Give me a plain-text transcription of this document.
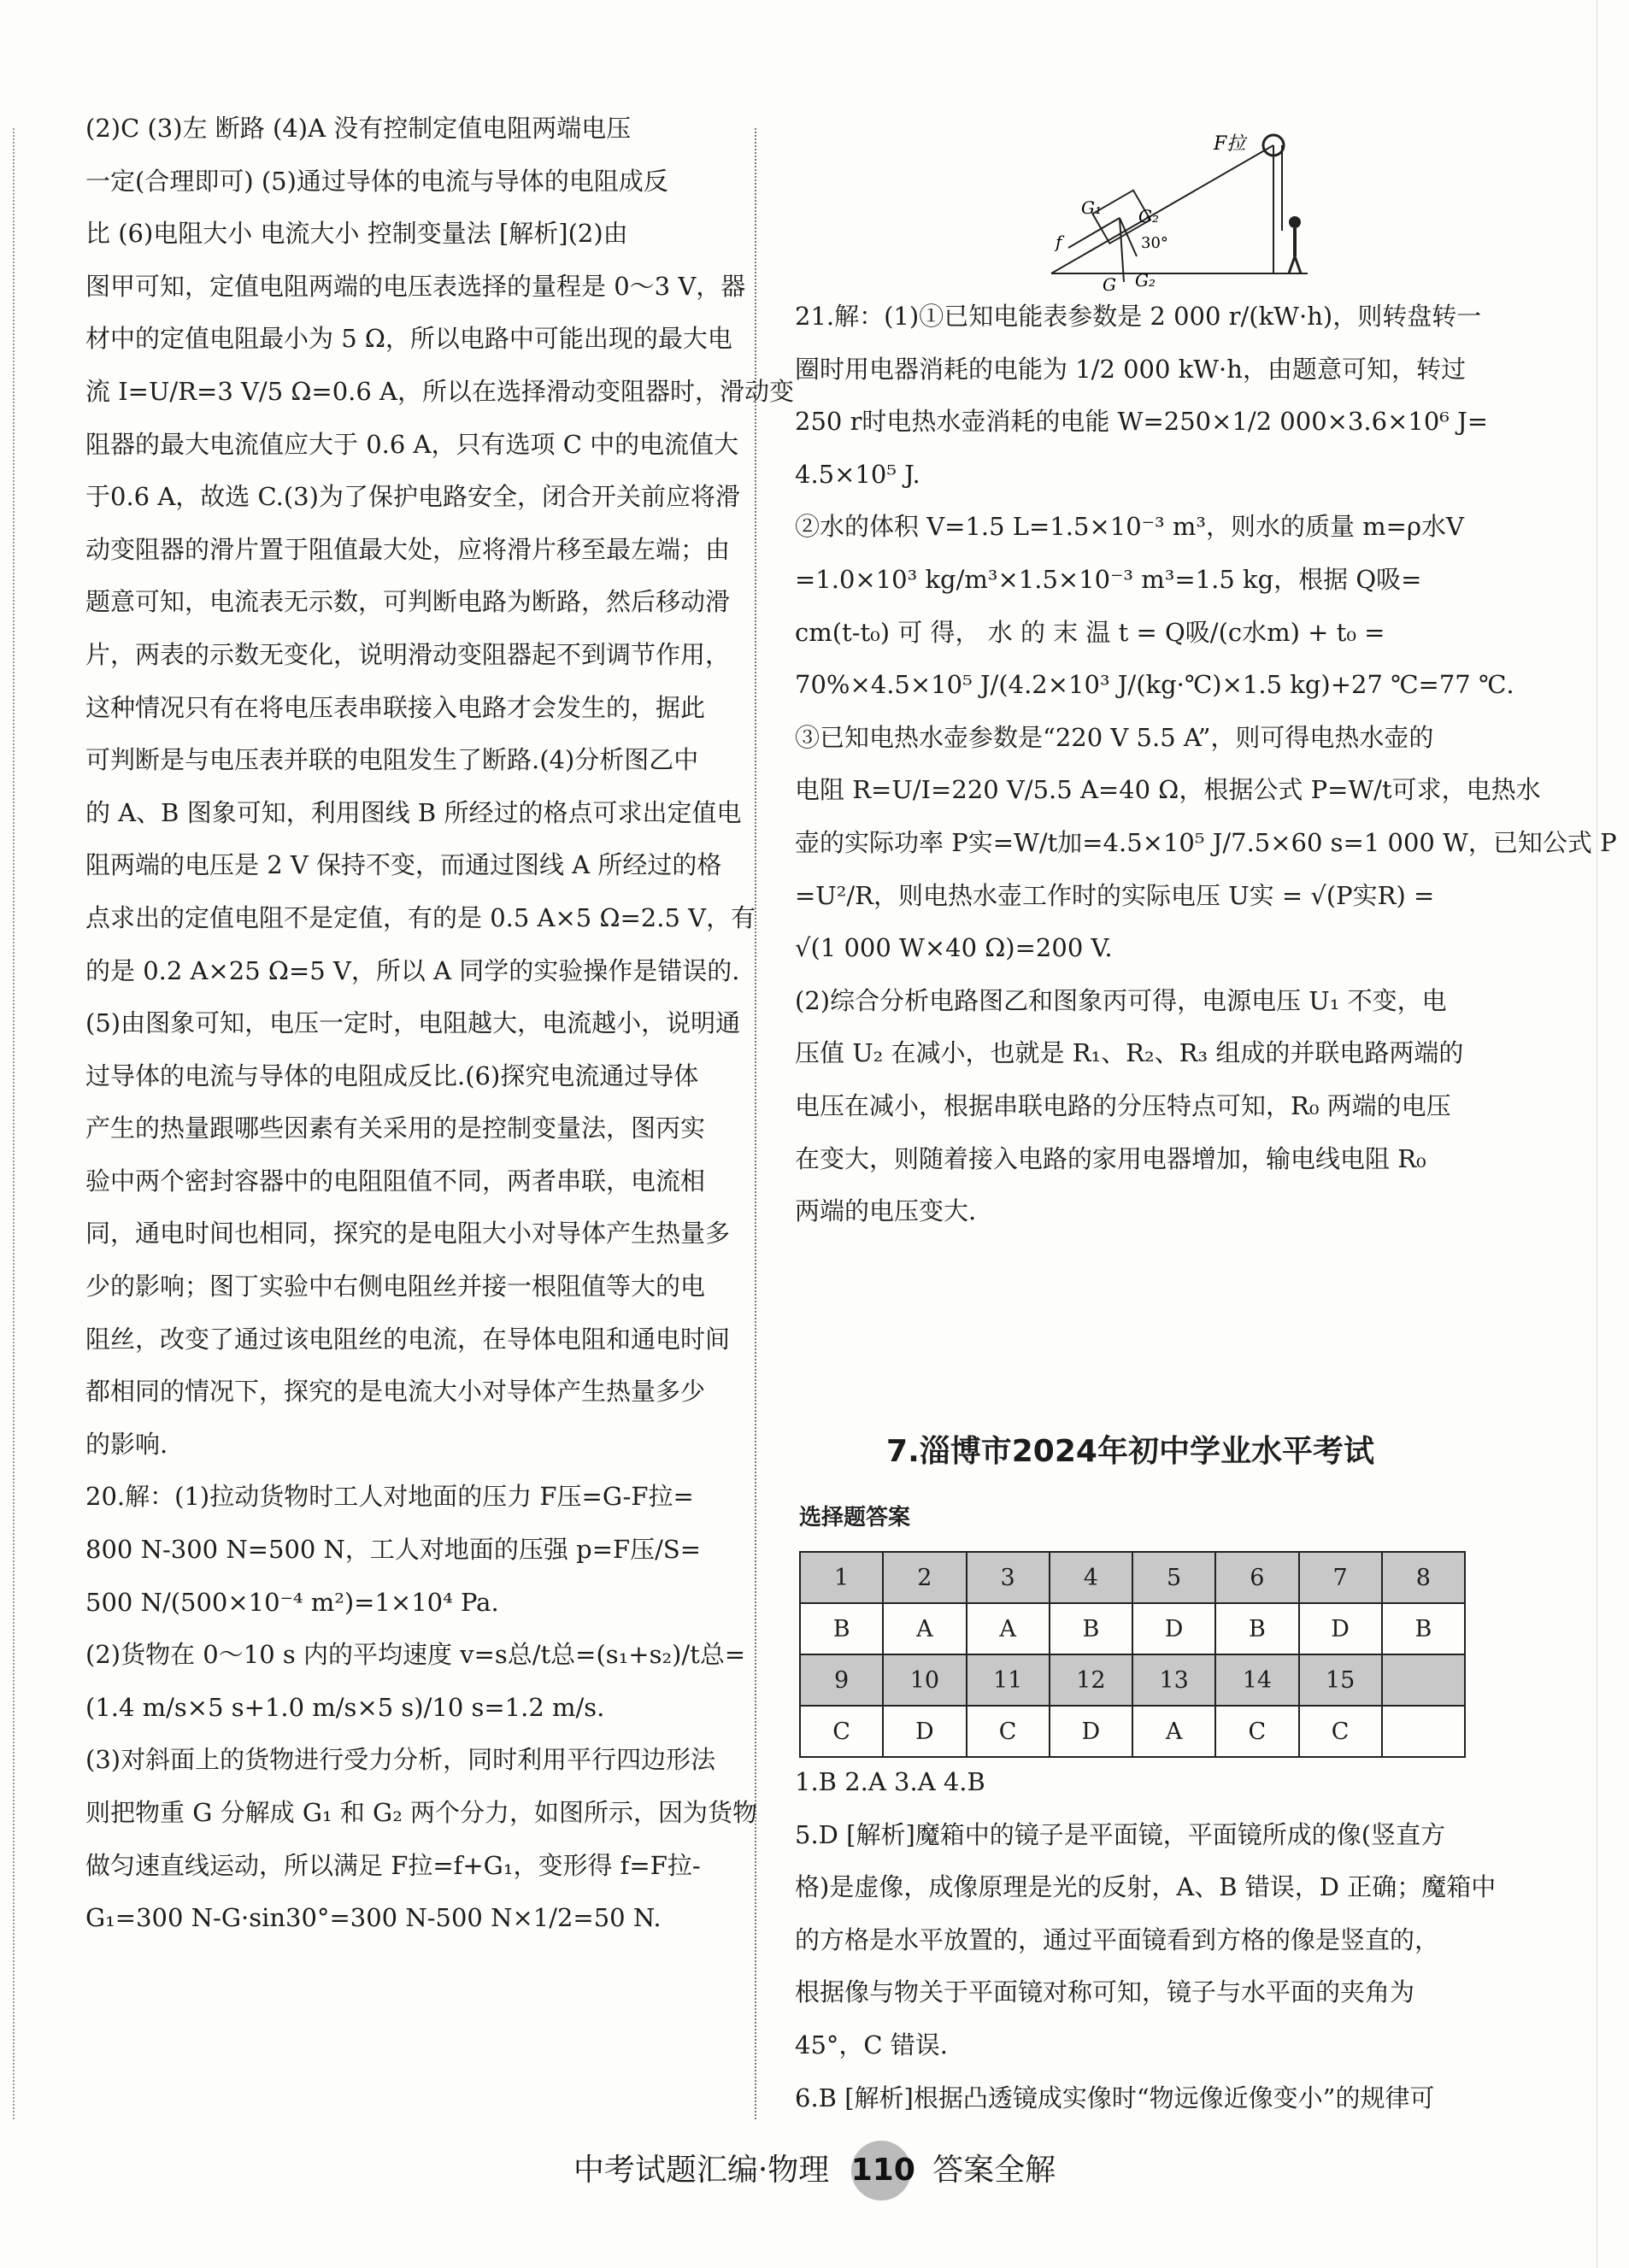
(2)C (3)左 断路 (4)A 没有控制定值电阻两端电压
一定(合理即可) (5)通过导体的电流与导体的电阻成反
比 (6)电阻大小 电流大小 控制变量法 [解析](2)由
图甲可知，定值电阻两端的电压表选择的量程是 0～3 V，器
材中的定值电阻最小为 5 Ω，所以电路中可能出现的最大电
流 I=U/R=3 V/5 Ω=0.6 A，所以在选择滑动变阻器时，滑动变
阻器的最大电流值应大于 0.6 A，只有选项 C 中的电流值大
于0.6 A，故选 C.(3)为了保护电路安全，闭合开关前应将滑
动变阻器的滑片置于阻值最大处，应将滑片移至最左端；由
题意可知，电流表无示数，可判断电路为断路，然后移动滑
片，两表的示数无变化，说明滑动变阻器起不到调节作用，
这种情况只有在将电压表串联接入电路才会发生的，据此
可判断是与电压表并联的电阻发生了断路.(4)分析图乙中
的 A、B 图象可知，利用图线 B 所经过的格点可求出定值电
阻两端的电压是 2 V 保持不变，而通过图线 A 所经过的格
点求出的定值电阻不是定值，有的是 0.5 A×5 Ω=2.5 V，有
的是 0.2 A×25 Ω=5 V，所以 A 同学的实验操作是错误的.
(5)由图象可知，电压一定时，电阻越大，电流越小，说明通
过导体的电流与导体的电阻成反比.(6)探究电流通过导体
产生的热量跟哪些因素有关采用的是控制变量法，图丙实
验中两个密封容器中的电阻阻值不同，两者串联，电流相
同，通电时间也相同，探究的是电阻大小对导体产生热量多
少的影响；图丁实验中右侧电阻丝并接一根阻值等大的电
阻丝，改变了通过该电阻丝的电流，在导体电阻和通电时间
都相同的情况下，探究的是电流大小对导体产生热量多少
的影响.
20.解：(1)拉动货物时工人对地面的压力 F压=G-F拉=
800 N-300 N=500 N，工人对地面的压强 p=F压/S=
500 N/(500×10⁻⁴ m²)=1×10⁴ Pa.
(2)货物在 0～10 s 内的平均速度 v=s总/t总=(s₁+s₂)/t总=
(1.4 m/s×5 s+1.0 m/s×5 s)/10 s=1.2 m/s.
(3)对斜面上的货物进行受力分析，同时利用平行四边形法
则把物重 G 分解成 G₁ 和 G₂ 两个分力，如图所示，因为货物
做匀速直线运动，所以满足 F拉=f+G₁，变形得 f=F拉-
G₁=300 N-G·sin30°=300 N-500 N×1/2=50 N.
F拉
G₁ G₂
30°
f
G G₂
21.解：(1)①已知电能表参数是 2 000 r/(kW·h)，则转盘转一
圈时用电器消耗的电能为 1/2 000 kW·h，由题意可知，转过
250 r时电热水壶消耗的电能 W=250×1/2 000×3.6×10⁶ J=
4.5×10⁵ J.
②水的体积 V=1.5 L=1.5×10⁻³ m³，则水的质量 m=ρ水V
=1.0×10³ kg/m³×1.5×10⁻³ m³=1.5 kg，根据 Q吸=
cm(t-t₀) 可 得， 水 的 末 温 t = Q吸/(c水m) + t₀ =
70%×4.5×10⁵ J/(4.2×10³ J/(kg·℃)×1.5 kg)+27 ℃=77 ℃.
③已知电热水壶参数是“220 V 5.5 A”，则可得电热水壶的
电阻 R=U/I=220 V/5.5 A=40 Ω，根据公式 P=W/t可求，电热水
壶的实际功率 P实=W/t加=4.5×10⁵ J/7.5×60 s=1 000 W，已知公式 P
=U²/R，则电热水壶工作时的实际电压 U实 = √(P实R) =
√(1 000 W×40 Ω)=200 V.
(2)综合分析电路图乙和图象丙可得，电源电压 U₁ 不变，电
压值 U₂ 在减小，也就是 R₁、R₂、R₃ 组成的并联电路两端的
电压在减小，根据串联电路的分压特点可知，R₀ 两端的电压
在变大，则随着接入电路的家用电器增加，输电线电阻 R₀
两端的电压变大.
7.淄博市2024年初中学业水平考试
选择题答案
1	2	3	4	5	6	7	8
B	A	A	B	D	B	D	B
9	10	11	12	13	14	15	
C	D	C	D	A	C	C	
1.B 2.A 3.A 4.B
5.D [解析]魔箱中的镜子是平面镜，平面镜所成的像(竖直方
格)是虚像，成像原理是光的反射，A、B 错误，D 正确；魔箱中
的方格是水平放置的，通过平面镜看到方格的像是竖直的，
根据像与物关于平面镜对称可知，镜子与水平面的夹角为
45°，C 错误.
6.B [解析]根据凸透镜成实像时“物远像近像变小”的规律可
中考试题汇编·物理 110 答案全解
